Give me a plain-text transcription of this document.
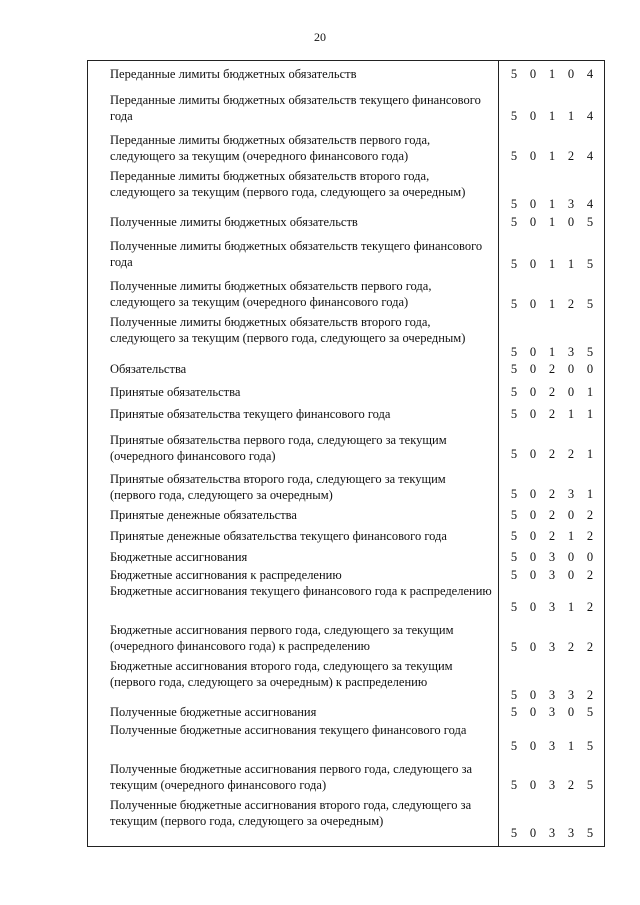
20
Переданные лимиты бюджетных обязательств	5	0	1	0	4
Переданные лимиты бюджетных обязательств текущего финансового года	5	0	1	1	4
Переданные лимиты бюджетных обязательств первого года, следующего за текущим (очередного финансового года)	5	0	1	2	4
Переданные лимиты бюджетных обязательств второго года, следующего за текущим (первого года, следующего за очередным)
5	0	1	3	4
Полученные лимиты бюджетных обязательств	5	0	1	0	5
Полученные лимиты бюджетных обязательств текущего финансового года	5	0	1	1	5
Полученные лимиты бюджетных обязательств первого года, следующего за текущим (очередного финансового года)	5	0	1	2	5
Полученные лимиты бюджетных обязательств второго года, следующего за текущим (первого года, следующего за очередным)
5	0	1	3	5
Обязательства	5	0	2	0	0
Принятые обязательства	5	0	2	0	1
Принятые обязательства текущего финансового года	5	0	2	1	1
Принятые обязательства первого года, следующего за текущим (очередного финансового года)	5	0	2	2	1
Принятые обязательства второго года, следующего за текущим (первого года, следующего за очередным)	5	0	2	3	1
Принятые денежные обязательства	5	0	2	0	2
Принятые денежные обязательства текущего финансового года	5	0	2	1	2
Бюджетные ассигнования	5	0	3	0	0
Бюджетные ассигнования к распределению	5	0	3	0	2
Бюджетные ассигнования текущего финансового года к распределению
5	0	3	1	2
Бюджетные ассигнования первого года, следующего за текущим (очередного финансового года) к распределению	5	0	3	2	2
Бюджетные ассигнования второго года, следующего за текущим (первого года, следующего за очередным) к распределению
5	0	3	3	2
Полученные бюджетные ассигнования	5	0	3	0	5
Полученные бюджетные ассигнования текущего финансового года
5	0	3	1	5
Полученные бюджетные ассигнования первого года, следующего за текущим (очередного финансового года)	5	0	3	2	5
Полученные бюджетные ассигнования второго года, следующего за текущим (первого года, следующего за очередным)
5	0	3	3	5
